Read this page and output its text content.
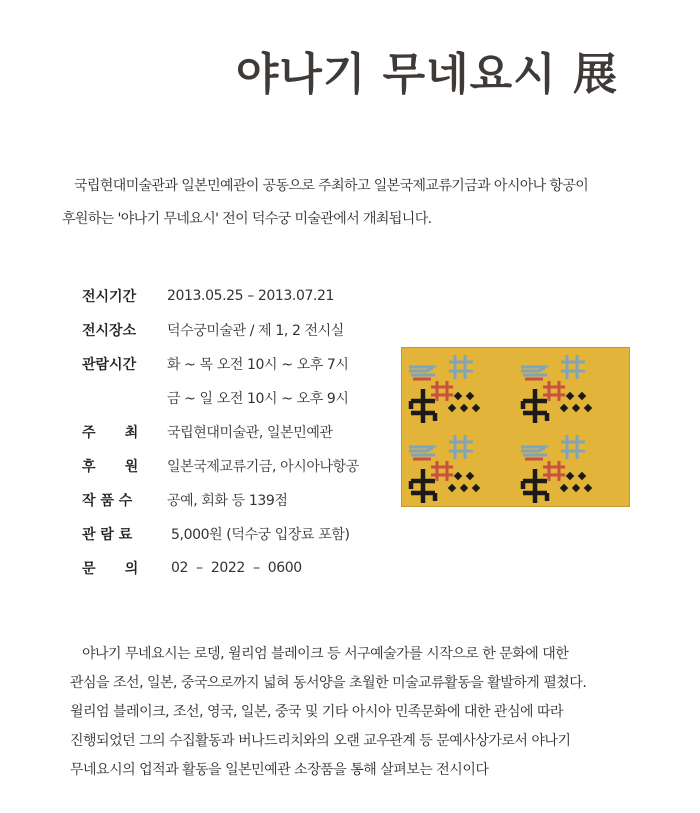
야나기 무네요시 展

국립현대미술관과 일본민예관이 공동으로 주최하고 일본국제교류기금과 아시아나 항공이

후원하는 '야나기 무네요시' 전이 덕수궁 미술관에서 개최됩니다.

전시기간	2013.05.25 – 2013.07.21
전시장소	덕수궁미술관 / 제 1, 2 전시실
관람시간	화 ~ 목 오전 10시 ~ 오후 7시
금 ~ 일 오전 10시 ~ 오후 9시
주      최	국립현대미술관, 일본민예관
후      원	일본국제교류기금, 아시아나항공
작 품 수	공예, 회화 등 139점
관 람 료	5,000원 (덕수궁 입장료 포함)
문      의	02  –  2022  –  0600

야나기 무네요시는 로뎅, 윌리엄 블레이크 등 서구예술가를 시작으로 한 문화에 대한

관심을 조선, 일본, 중국으로까지 넓혀 동서양을 초월한 미술교류활동을 활발하게 펼쳤다.

윌리엄 블레이크, 조선, 영국, 일본, 중국 및 기타 아시아 민족문화에 대한 관심에 따라

진행되었던 그의 수집활동과 버나드리치와의 오랜 교우관계 등 문예사상가로서 야나기

무네요시의 업적과 활동을 일본민예관 소장품을 통해 살펴보는 전시이다
